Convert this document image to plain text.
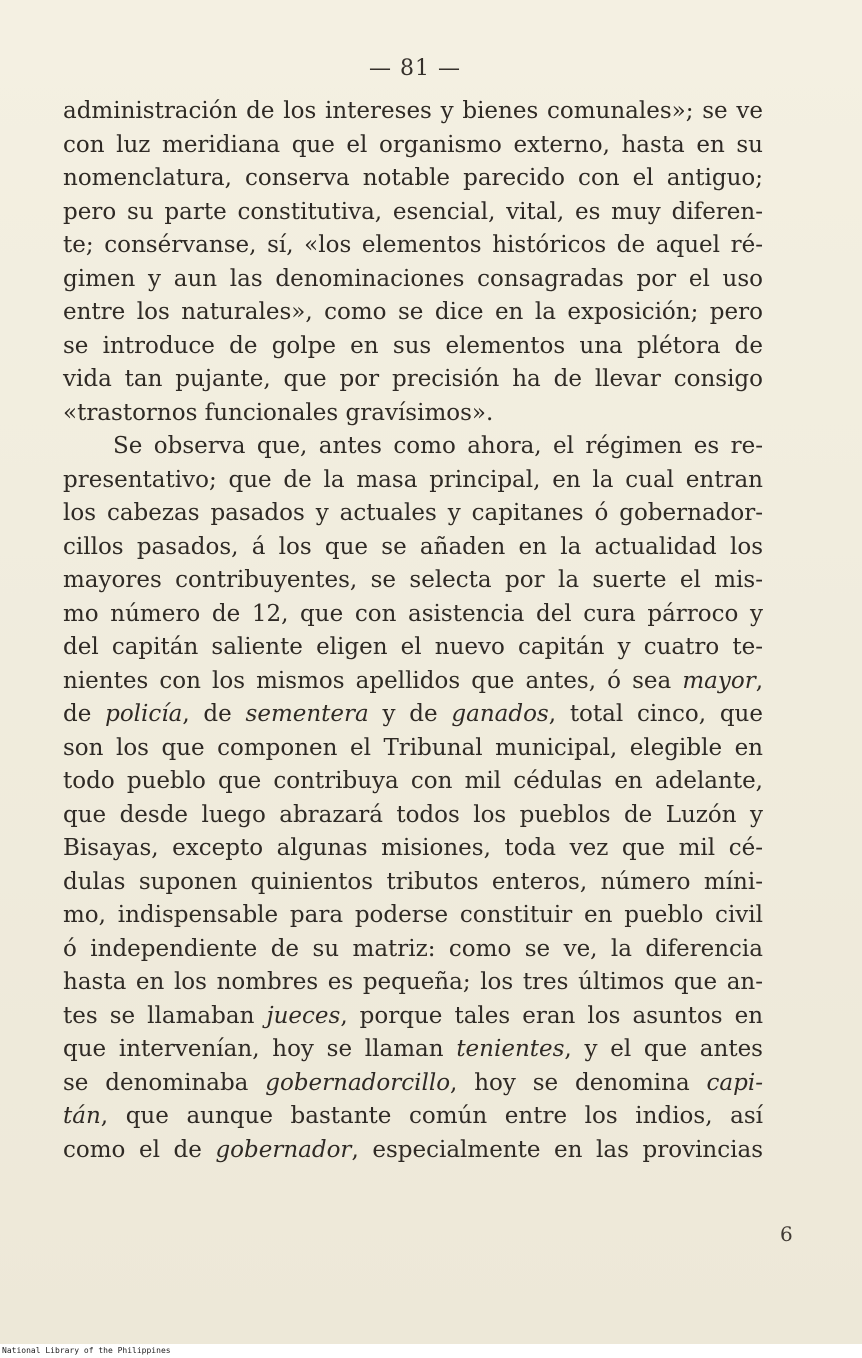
— 81 —
administración de los intereses y bienes comunales»; se ve
con luz meridiana que el organismo externo, hasta en su
nomenclatura, conserva notable parecido con el antiguo;
pero su parte constitutiva, esencial, vital, es muy diferen-
te; consérvanse, sí, «los elementos históricos de aquel ré-
gimen y aun las denominaciones consagradas por el uso
entre los naturales», como se dice en la exposición; pero
se introduce de golpe en sus elementos una plétora de
vida tan pujante, que por precisión ha de llevar consigo
«trastornos funcionales gravísimos».
Se observa que, antes como ahora, el régimen es re-
presentativo; que de la masa principal, en la cual entran
los cabezas pasados y actuales y capitanes ó gobernador-
cillos pasados, á los que se añaden en la actualidad los
mayores contribuyentes, se selecta por la suerte el mis-
mo número de 12, que con asistencia del cura párroco y
del capitán saliente eligen el nuevo capitán y cuatro te-
nientes con los mismos apellidos que antes, ó sea mayor,
de policía, de sementera y de ganados, total cinco, que
son los que componen el Tribunal municipal, elegible en
todo pueblo que contribuya con mil cédulas en adelante,
que desde luego abrazará todos los pueblos de Luzón y
Bisayas, excepto algunas misiones, toda vez que mil cé-
dulas suponen quinientos tributos enteros, número míni-
mo, indispensable para poderse constituir en pueblo civil
ó independiente de su matriz: como se ve, la diferencia
hasta en los nombres es pequeña; los tres últimos que an-
tes se llamaban jueces, porque tales eran los asuntos en
que intervenían, hoy se llaman tenientes, y el que antes
se denominaba gobernadorcillo, hoy se denomina capi-
tán, que aunque bastante común entre los indios, así
como el de gobernador, especialmente en las provincias
6
National Library of the Philippines
